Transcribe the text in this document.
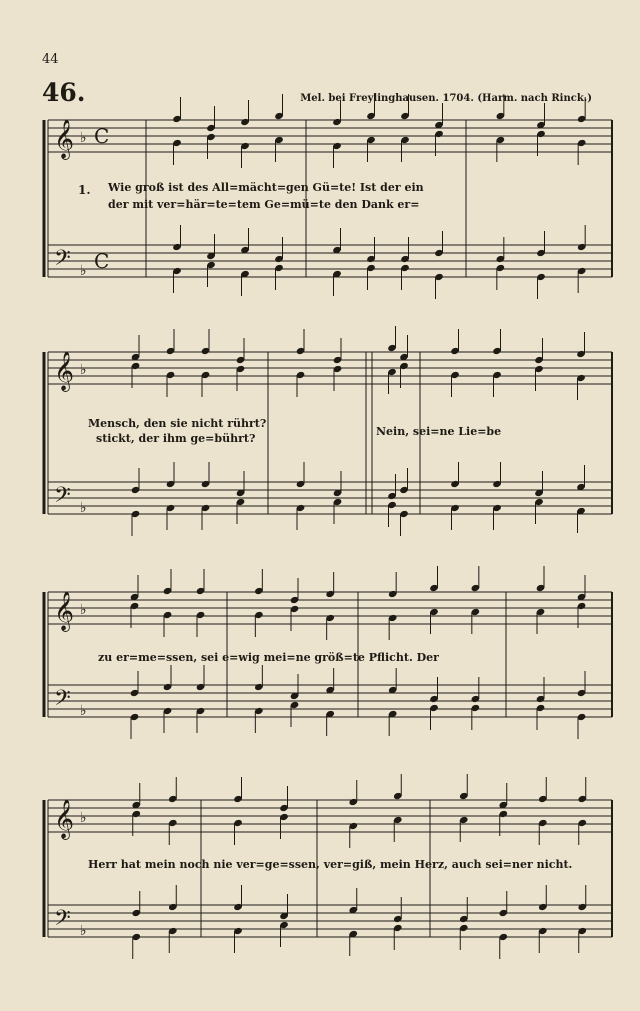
44
46.	Mel. bei Freylinghausen. 1704. (Harm. nach Rinck.)
𝄞
𝄢
♭
♭
C
C
𝄞
𝄢
♭
♭
𝄞
𝄢
♭
♭
𝄞
𝄢
♭
♭
1. Wie groß ist des All=mächt=gen Gü=te! Ist der ein
der mit ver=här=te=tem Ge=mü=te den Dank er=
Mensch, den sie nicht rührt?
stickt, der ihm ge=bührt?
Nein, sei=ne Lie=be
zu er=me=ssen, sei e=wig mei=ne größ=te Pflicht. Der
Herr hat mein noch nie ver=ge=ssen, ver=giß, mein Herz, auch sei=ner nicht.
